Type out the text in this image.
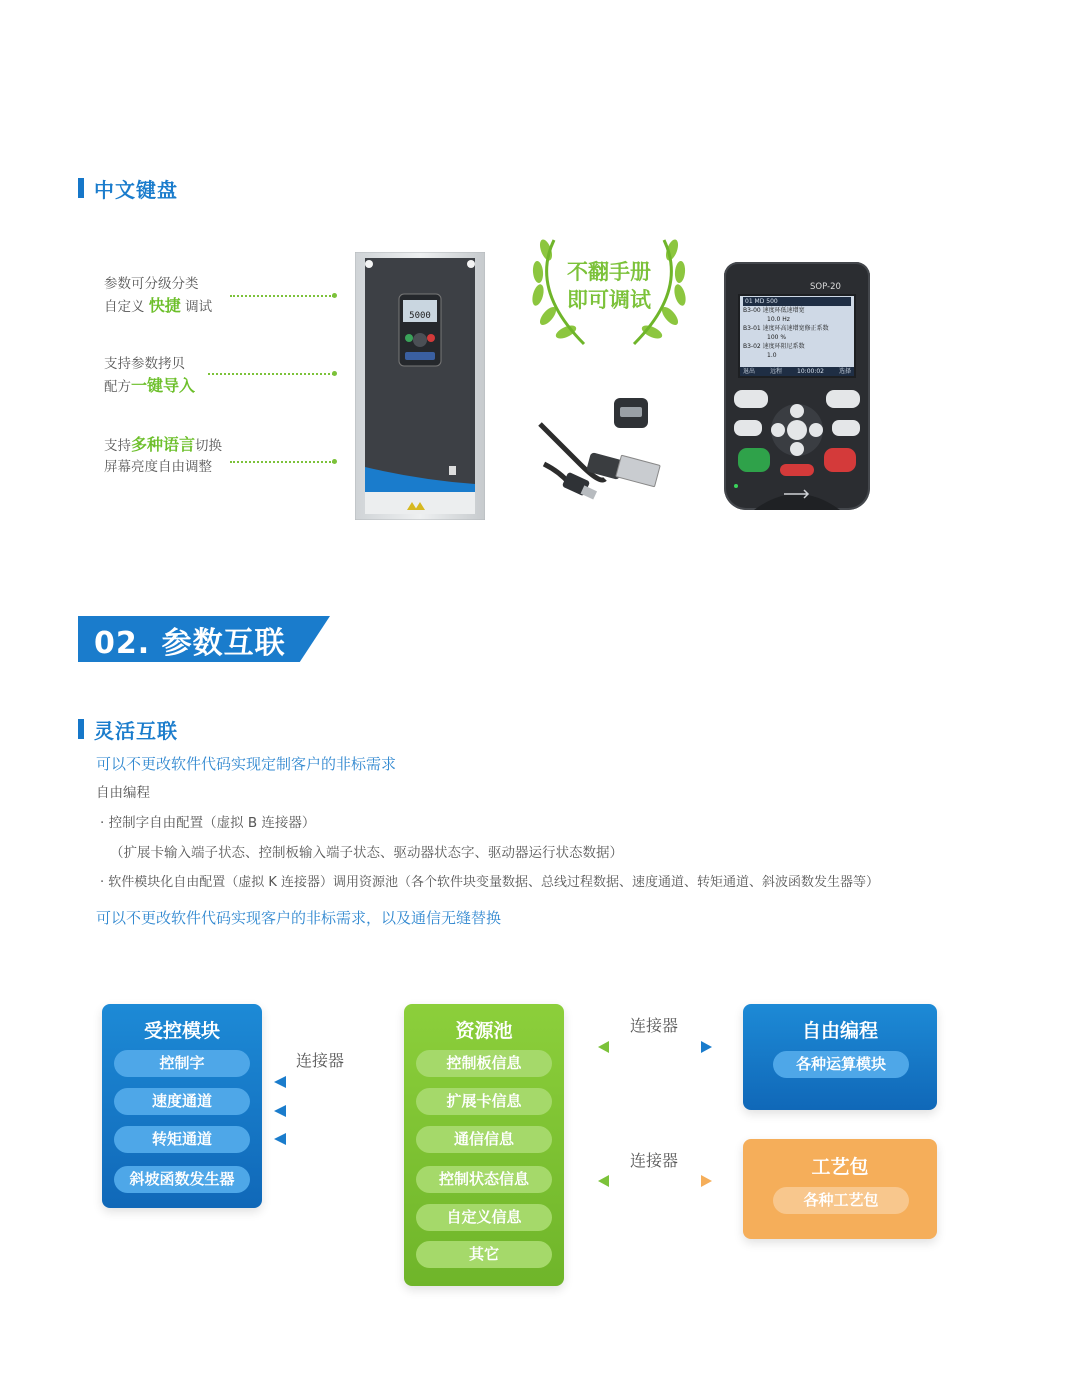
中文键盘
参数可分级分类
自定义 快捷 调试
支持参数拷贝
配方一键导入
支持多种语言切换
屏幕亮度自由调整
5000
不翻手册
即可调试
SOP-20
01 MD 500
B3-00 速度环低速增宽
10.0 Hz
B3-01 速度环高速增宽修正系数
100 %
B3-02 速度环阻尼系数
1.0
退出	远程	10:00:02	选择
02. 参数互联
灵活互联
可以不更改软件代码实现定制客户的非标需求
自由编程
· 控制字自由配置（虚拟 B 连接器）
（扩展卡输入端子状态、控制板输入端子状态、驱动器状态字、驱动器运行状态数据）
· 软件模块化自由配置（虚拟 K 连接器）调用资源池（各个软件块变量数据、总线过程数据、速度通道、转矩通道、斜波函数发生器等）
可以不更改软件代码实现客户的非标需求，以及通信无缝替换
受控模块
控制字
速度通道
转矩通道
斜坡函数发生器
资源池
控制板信息
扩展卡信息
通信信息
控制状态信息
自定义信息
其它
自由编程
各种运算模块
工艺包
各种工艺包
连接器
连接器
连接器
